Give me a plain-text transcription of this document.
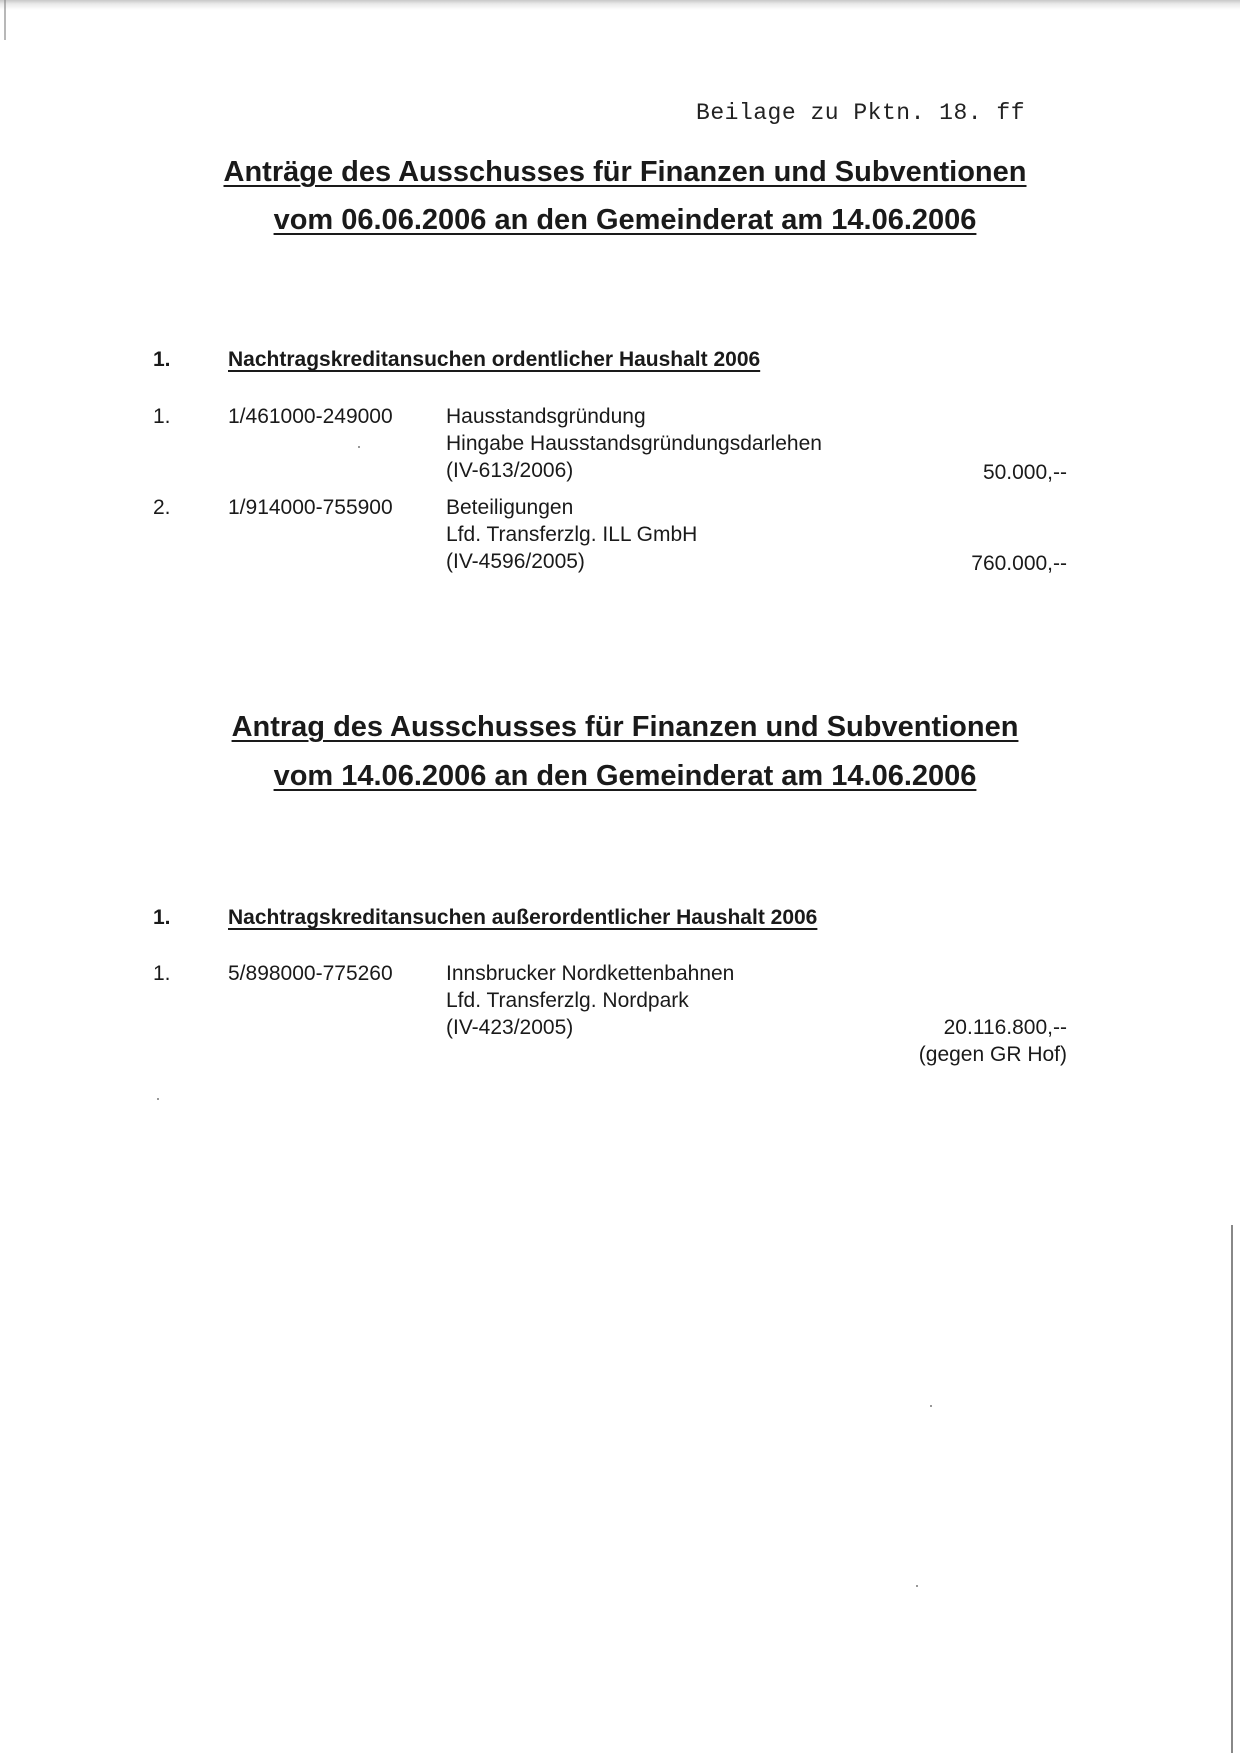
Beilage zu Pktn. 18. ff
Anträge des Ausschusses für Finanzen und Subventionen
vom 06.06.2006 an den Gemeinderat am 14.06.2006
1.	Nachtragskreditansuchen ordentlicher Haushalt 2006
1.	1/461000-249000	Hausstandsgründung
Hingabe Hausstandsgründungsdarlehen
(IV-613/2006)	50.000,--
2.	1/914000-755900	Beteiligungen
Lfd. Transferzlg. ILL GmbH
(IV-4596/2005)	760.000,--
Antrag des Ausschusses für Finanzen und Subventionen
vom 14.06.2006 an den Gemeinderat am 14.06.2006
1.	Nachtragskreditansuchen außerordentlicher Haushalt 2006
1.	5/898000-775260	Innsbrucker Nordkettenbahnen
Lfd. Transferzlg. Nordpark
(IV-423/2005)	20.116.800,--
(gegen GR Hof)
